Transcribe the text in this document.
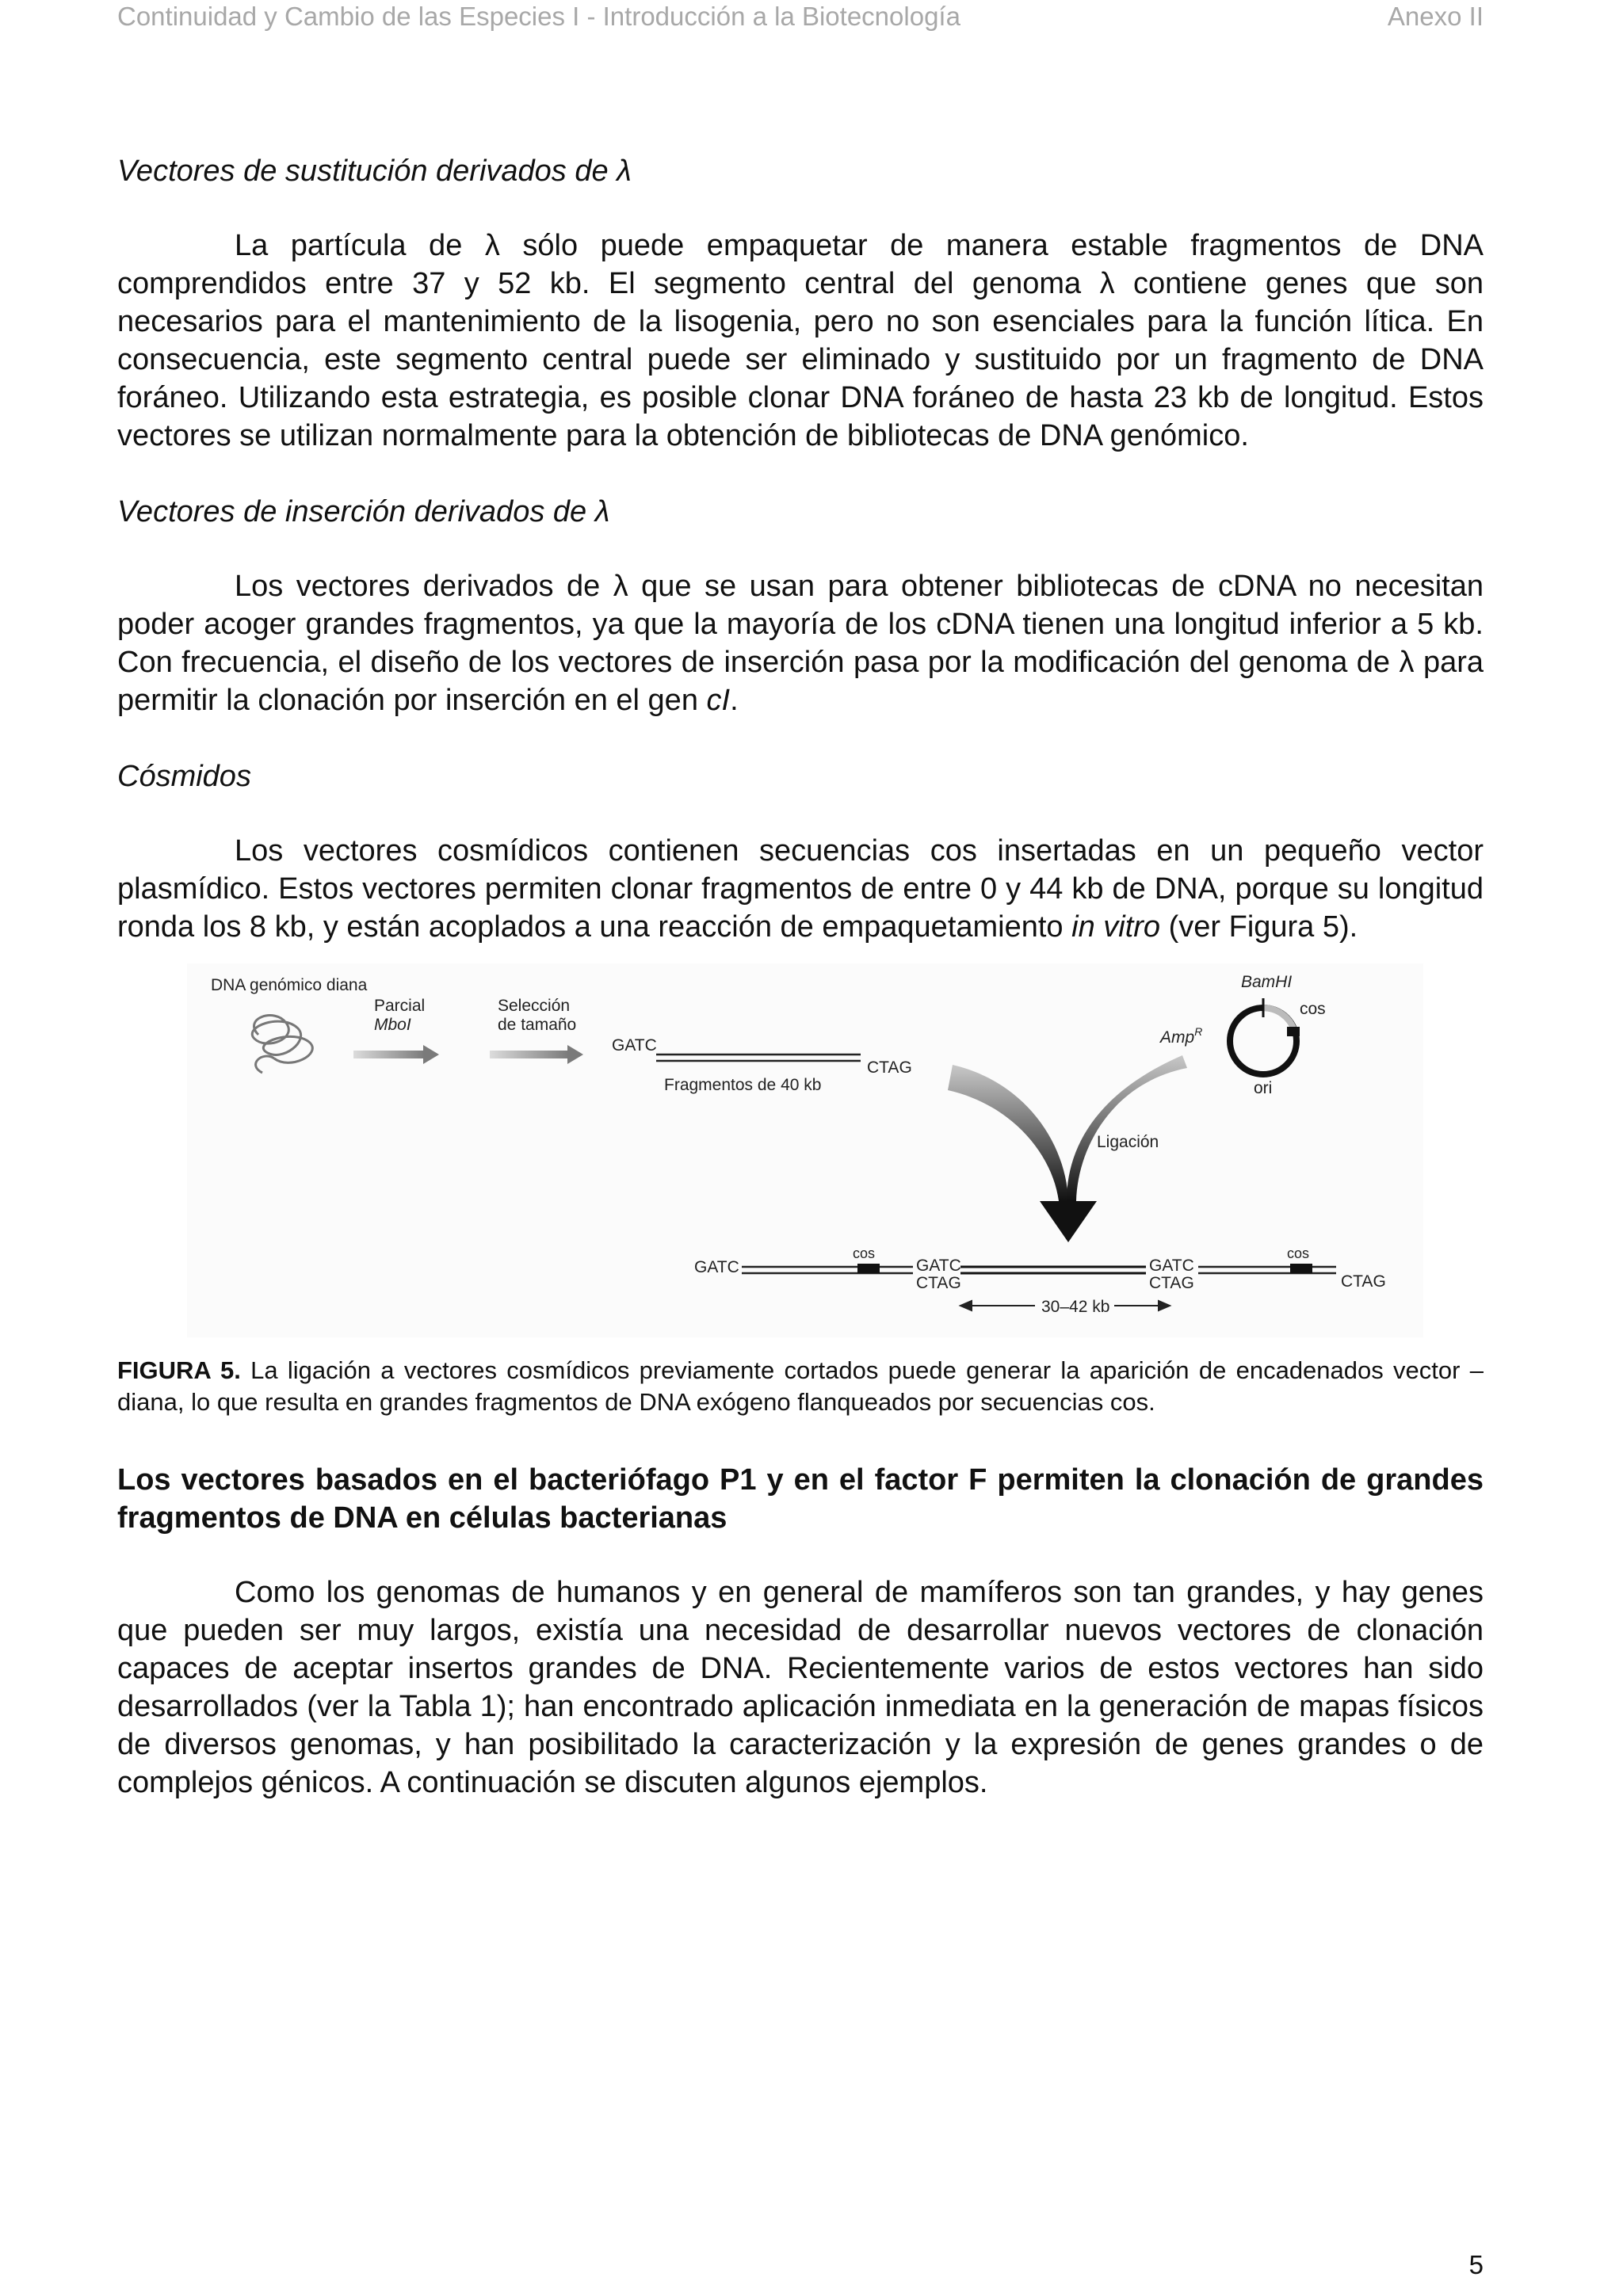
Continuidad y Cambio de las Especies I - Introducción a la Biotecnología	Anexo II

Vectores de sustitución derivados de λ

La partícula de λ sólo puede empaquetar de manera estable fragmentos de DNA comprendidos entre 37 y 52 kb. El segmento central del genoma λ contiene genes que son necesarios para el mantenimiento de la lisogenia, pero no son esenciales para la función lítica. En consecuencia, este segmento central puede ser eliminado y sustituido por un fragmento de DNA foráneo. Utilizando esta estrategia, es posible clonar DNA foráneo de hasta 23 kb de longitud. Estos vectores se utilizan normalmente para la obtención de bibliotecas de DNA genómico.

Vectores de inserción derivados de λ

Los vectores derivados de λ que se usan para obtener bibliotecas de cDNA no necesitan poder acoger grandes fragmentos, ya que la mayoría de los cDNA tienen una longitud inferior a 5 kb. Con frecuencia, el diseño de los vectores de inserción pasa por la modificación del genoma de λ para permitir la clonación por inserción en el gen cI.

Cósmidos

Los vectores cosmídicos contienen secuencias cos insertadas en un pequeño vector plasmídico. Estos vectores permiten clonar fragmentos de entre 0 y 44 kb de DNA, porque su longitud ronda los 8 kb, y están acoplados a una reacción de empaquetamiento in vitro (ver Figura 5).

DNA genómico diana
Parcial
MboI
Selección
de tamaño
GATC
CTAG
Fragmentos de 40 kb
BamHI
cos
Amp$^R$
ori
Ligación
GATC
cos
GATC
CTAG
GATC
CTAG
cos
CTAG
30–42 kb

FIGURA 5. La ligación a vectores cosmídicos previamente cortados puede generar la aparición de encadenados vector – diana, lo que resulta en grandes fragmentos de DNA exógeno flanqueados por secuencias cos.

Los vectores basados en el bacteriófago P1 y en el factor F permiten la clonación de grandes fragmentos de DNA en células bacterianas

Como los genomas de humanos y en general de mamíferos son tan grandes, y hay genes que pueden ser muy largos, existía una necesidad de desarrollar nuevos vectores de clonación capaces de aceptar insertos grandes de DNA. Recientemente varios de estos vectores han sido desarrollados (ver la Tabla 1); han encontrado aplicación inmediata en la generación de mapas físicos de diversos genomas, y han posibilitado la caracterización y la expresión de genes grandes o de complejos génicos. A continuación se discuten algunos ejemplos.

5
